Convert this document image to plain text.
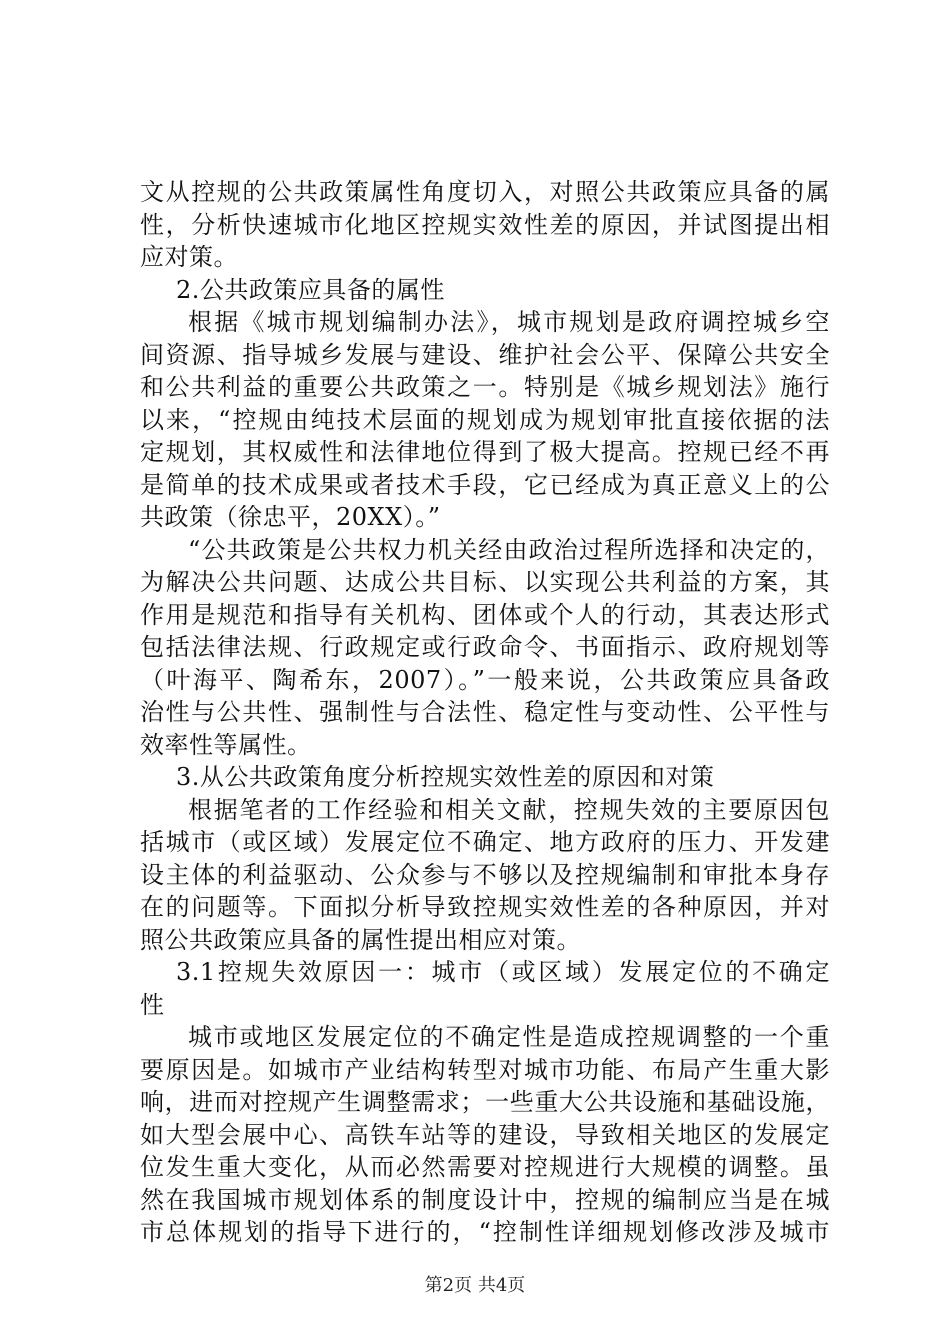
文从控规的公共政策属性角度切入，对照公共政策应具备的属
性，分析快速城市化地区控规实效性差的原因，并试图提出相
应对策。
2.公共政策应具备的属性
根据《城市规划编制办法》，城市规划是政府调控城乡空
间资源、指导城乡发展与建设、维护社会公平、保障公共安全
和公共利益的重要公共政策之一。特别是《城乡规划法》施行
以来，“控规由纯技术层面的规划成为规划审批直接依据的法
定规划，其权威性和法律地位得到了极大提高。控规已经不再
是简单的技术成果或者技术手段，它已经成为真正意义上的公
共政策（徐忠平，20XX）。”
“公共政策是公共权力机关经由政治过程所选择和决定的，
为解决公共问题、达成公共目标、以实现公共利益的方案，其
作用是规范和指导有关机构、团体或个人的行动，其表达形式
包括法律法规、行政规定或行政命令、书面指示、政府规划等
（叶海平、陶希东，2007）。”一般来说，公共政策应具备政
治性与公共性、强制性与合法性、稳定性与变动性、公平性与
效率性等属性。
3.从公共政策角度分析控规实效性差的原因和对策
根据笔者的工作经验和相关文献，控规失效的主要原因包
括城市（或区域）发展定位不确定、地方政府的压力、开发建
设主体的利益驱动、公众参与不够以及控规编制和审批本身存
在的问题等。下面拟分析导致控规实效性差的各种原因，并对
照公共政策应具备的属性提出相应对策。
3.1控规失效原因一：城市（或区域）发展定位的不确定
性
城市或地区发展定位的不确定性是造成控规调整的一个重
要原因是。如城市产业结构转型对城市功能、布局产生重大影
响，进而对控规产生调整需求；一些重大公共设施和基础设施，
如大型会展中心、高铁车站等的建设，导致相关地区的发展定
位发生重大变化，从而必然需要对控规进行大规模的调整。虽
然在我国城市规划体系的制度设计中，控规的编制应当是在城
市总体规划的指导下进行的，“控制性详细规划修改涉及城市
第2页 共4页
